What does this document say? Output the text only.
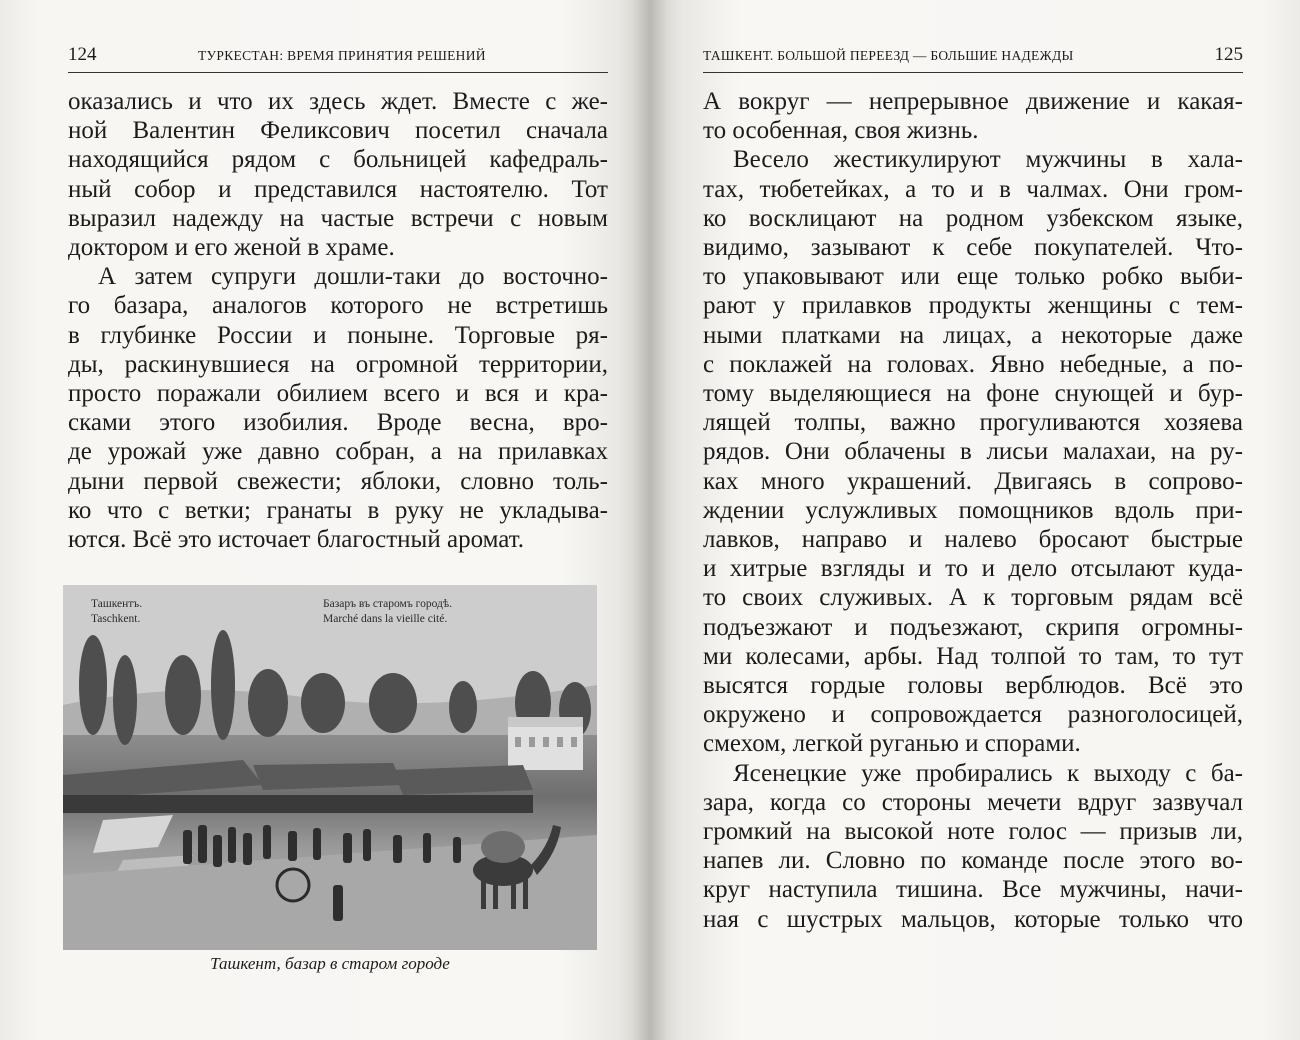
124	ТУРКЕСТАН: ВРЕМЯ ПРИНЯТИЯ РЕШЕНИЙ
оказались и что их здесь ждет. Вместе с же-
ной Валентин Феликсович посетил сначала
находящийся рядом с больницей кафедраль-
ный собор и представился настоятелю. Тот
выразил надежду на частые встречи с новым
доктором и его женой в храме.
А затем супруги дошли-таки до восточно-
го базара, аналогов которого не встретишь
в глубинке России и поныне. Торговые ря-
ды, раскинувшиеся на огромной территории,
просто поражали обилием всего и вся и кра-
сками этого изобилия. Вроде весна, вро-
де урожай уже давно собран, а на прилавках
дыни первой свежести; яблоки, словно толь-
ко что с ветки; гранаты в руку не укладыва-
ются. Всё это источает благостный аромат.
Ташкентъ.
Taschkent.
Базаръ въ старомъ городѣ.
Marché dans la vieille cité.
Ташкент, базар в старом городе
ТАШКЕНТ. БОЛЬШОЙ ПЕРЕЕЗД — БОЛЬШИЕ НАДЕЖДЫ	125
А вокруг — непрерывное движение и какая-
то особенная, своя жизнь.
Весело жестикулируют мужчины в хала-
тах, тюбетейках, а то и в чалмах. Они гром-
ко восклицают на родном узбекском языке,
видимо, зазывают к себе покупателей. Что-
то упаковывают или еще только робко выби-
рают у прилавков продукты женщины с тем-
ными платками на лицах, а некоторые даже
с поклажей на головах. Явно небедные, а по-
тому выделяющиеся на фоне снующей и бур-
лящей толпы, важно прогуливаются хозяева
рядов. Они облачены в лисьи малахаи, на ру-
ках много украшений. Двигаясь в сопрово-
ждении услужливых помощников вдоль при-
лавков, направо и налево бросают быстрые
и хитрые взгляды и то и дело отсылают куда-
то своих служивых. А к торговым рядам всё
подъезжают и подъезжают, скрипя огромны-
ми колесами, арбы. Над толпой то там, то тут
высятся гордые головы верблюдов. Всё это
окружено и сопровождается разноголосицей,
смехом, легкой руганью и спорами.
Ясенецкие уже пробирались к выходу с ба-
зара, когда со стороны мечети вдруг зазвучал
громкий на высокой ноте голос — призыв ли,
напев ли. Словно по команде после этого во-
круг наступила тишина. Все мужчины, начи-
ная с шустрых мальцов, которые только что
